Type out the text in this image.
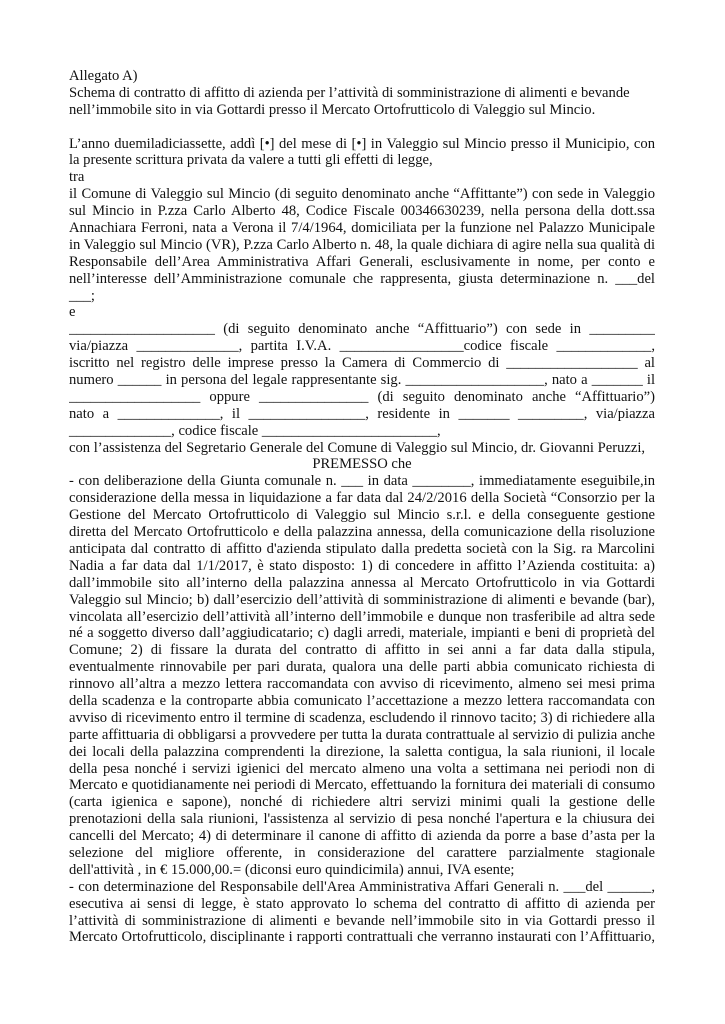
Allegato A)
Schema di contratto di affitto di azienda per l’attività di somministrazione di alimenti e bevande
nell’immobile sito in via Gottardi presso il Mercato Ortofrutticolo di Valeggio sul Mincio.
L’anno duemiladiciassette, addì [•] del mese di [•] in Valeggio sul Mincio presso il Municipio, con
la presente scrittura privata da valere a tutti gli effetti di legge,
tra
il Comune di Valeggio sul Mincio (di seguito denominato anche “Affittante”) con sede in Valeggio
sul Mincio in P.zza Carlo Alberto 48, Codice Fiscale 00346630239, nella persona della dott.ssa
Annachiara Ferroni, nata a Verona il 7/4/1964, domiciliata per la funzione nel Palazzo Municipale
in Valeggio sul Mincio (VR), P.zza Carlo Alberto n. 48, la quale dichiara di agire nella sua qualità di
Responsabile dell’Area Amministrativa Affari Generali, esclusivamente in nome, per conto e
nell’interesse dell’Amministrazione comunale che rappresenta, giusta determinazione n. ___del
___;
e
____________________ (di seguito denominato anche “Affittuario”) con sede in _________
via/piazza ______________, partita I.V.A. _________________codice fiscale _____________,
iscritto nel registro delle imprese presso la Camera di Commercio di __________________ al
numero ______ in persona del legale rappresentante sig. ___________________, nato a _______ il
__________________ oppure _______________ (di seguito denominato anche “Affittuario”)
nato a ______________, il ________________, residente in _______ _________, via/piazza
______________, codice fiscale ________________________,
con l’assistenza del Segretario Generale del Comune di Valeggio sul Mincio, dr. Giovanni Peruzzi,
PREMESSO che
- con deliberazione della Giunta comunale n. ___ in data ________, immediatamente eseguibile,in
considerazione della messa in liquidazione a far data dal 24/2/2016 della Società “Consorzio per la
Gestione del Mercato Ortofrutticolo di Valeggio sul Mincio s.r.l. e della conseguente gestione
diretta del Mercato Ortofrutticolo e della palazzina annessa, della comunicazione della risoluzione
anticipata dal contratto di affitto d'azienda stipulato dalla predetta società con la Sig. ra Marcolini
Nadia a far data dal 1/1/2017, è stato disposto: 1) di concedere in affitto l’Azienda costituita: a)
dall’immobile sito all’interno della palazzina annessa al Mercato Ortofrutticolo in via Gottardi
Valeggio sul Mincio; b) dall’esercizio dell’attività di somministrazione di alimenti e bevande (bar),
vincolata all’esercizio dell’attività all’interno dell’immobile e dunque non trasferibile ad altra sede
né a soggetto diverso dall’aggiudicatario; c) dagli arredi, materiale, impianti e beni di proprietà del
Comune; 2) di fissare la durata del contratto di affitto in sei anni a far data dalla stipula,
eventualmente rinnovabile per pari durata, qualora una delle parti abbia comunicato richiesta di
rinnovo all’altra a mezzo lettera raccomandata con avviso di ricevimento, almeno sei mesi prima
della scadenza e la controparte abbia comunicato l’accettazione a mezzo lettera raccomandata con
avviso di ricevimento entro il termine di scadenza, escludendo il rinnovo tacito; 3) di richiedere alla
parte affittuaria di obbligarsi a provvedere per tutta la durata contrattuale al servizio di pulizia anche
dei locali della palazzina comprendenti la direzione, la saletta contigua, la sala riunioni, il locale
della pesa nonché i servizi igienici del mercato almeno una volta a settimana nei periodi non di
Mercato e quotidianamente nei periodi di Mercato, effettuando la fornitura dei materiali di consumo
(carta igienica e sapone), nonché di richiedere altri servizi minimi quali la gestione delle
prenotazioni della sala riunioni, l'assistenza al servizio di pesa nonché l'apertura e la chiusura dei
cancelli del Mercato; 4) di determinare il canone di affitto di azienda da porre a base d’asta per la
selezione del migliore offerente, in considerazione del carattere parzialmente stagionale
dell'attività , in € 15.000,00.= (diconsi euro quindicimila) annui, IVA esente;
- con determinazione del Responsabile dell'Area Amministrativa Affari Generali n. ___del ______,
esecutiva ai sensi di legge, è stato approvato lo schema del contratto di affitto di azienda per
l’attività di somministrazione di alimenti e bevande nell’immobile sito in via Gottardi presso il
Mercato Ortofrutticolo, disciplinante i rapporti contrattuali che verranno instaurati con l’Affittuario,
